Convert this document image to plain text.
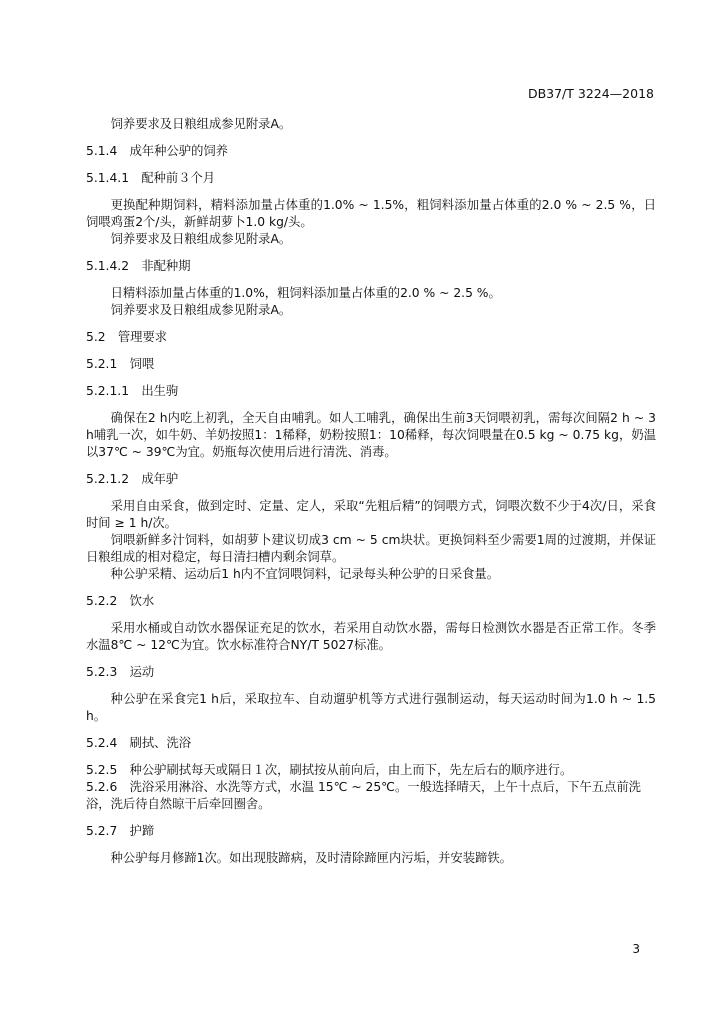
DB37/T 3224—2018
饲养要求及日粮组成参见附录A。
5.1.4　成年种公驴的饲养
5.1.4.1　配种前３个月
更换配种期饲料，精料添加量占体重的1.0% ~ 1.5%，粗饲料添加量占体重的2.0 % ~ 2.5 %，日饲喂鸡蛋2个/头，新鲜胡萝卜1.0 kg/头。
饲养要求及日粮组成参见附录A。
5.1.4.2　非配种期
日精料添加量占体重的1.0%，粗饲料添加量占体重的2.0 % ~ 2.5 %。
饲养要求及日粮组成参见附录A。
5.2　管理要求
5.2.1　饲喂
5.2.1.1　出生驹
确保在2 h内吃上初乳，全天自由哺乳。如人工哺乳，确保出生前3天饲喂初乳，需每次间隔2 h ~ 3 h哺乳一次，如牛奶、羊奶按照1：1稀释，奶粉按照1：10稀释，每次饲喂量在0.5 kg ~ 0.75 kg，奶温以37℃ ~ 39℃为宜。奶瓶每次使用后进行清洗、消毒。
5.2.1.2　成年驴
采用自由采食，做到定时、定量、定人，采取“先粗后精”的饲喂方式，饲喂次数不少于4次/日，采食时间 ≥ 1 h/次。
饲喂新鲜多汁饲料，如胡萝卜建议切成3 cm ~ 5 cm块状。更换饲料至少需要1周的过渡期，并保证日粮组成的相对稳定，每日清扫槽内剩余饲草。
种公驴采精、运动后1 h内不宜饲喂饲料，记录每头种公驴的日采食量。
5.2.2　饮水
采用水桶或自动饮水器保证充足的饮水，若采用自动饮水器，需每日检测饮水器是否正常工作。冬季水温8℃ ~ 12℃为宜。饮水标准符合NY/T 5027标准。
5.2.3　运动
种公驴在采食完1 h后，采取拉车、自动遛驴机等方式进行强制运动，每天运动时间为1.0 h ~ 1.5 h。
5.2.4　刷拭、洗浴
5.2.5　种公驴刷拭每天或隔日１次，刷拭按从前向后，由上而下，先左后右的顺序进行。
5.2.6　洗浴采用淋浴、水洗等方式，水温 15℃ ~ 25℃。一般选择晴天，上午十点后，下午五点前洗浴，洗后待自然晾干后牵回圈舍。
5.2.7　护蹄
种公驴每月修蹄1次。如出现肢蹄病，及时清除蹄匣内污垢，并安装蹄铁。
3
